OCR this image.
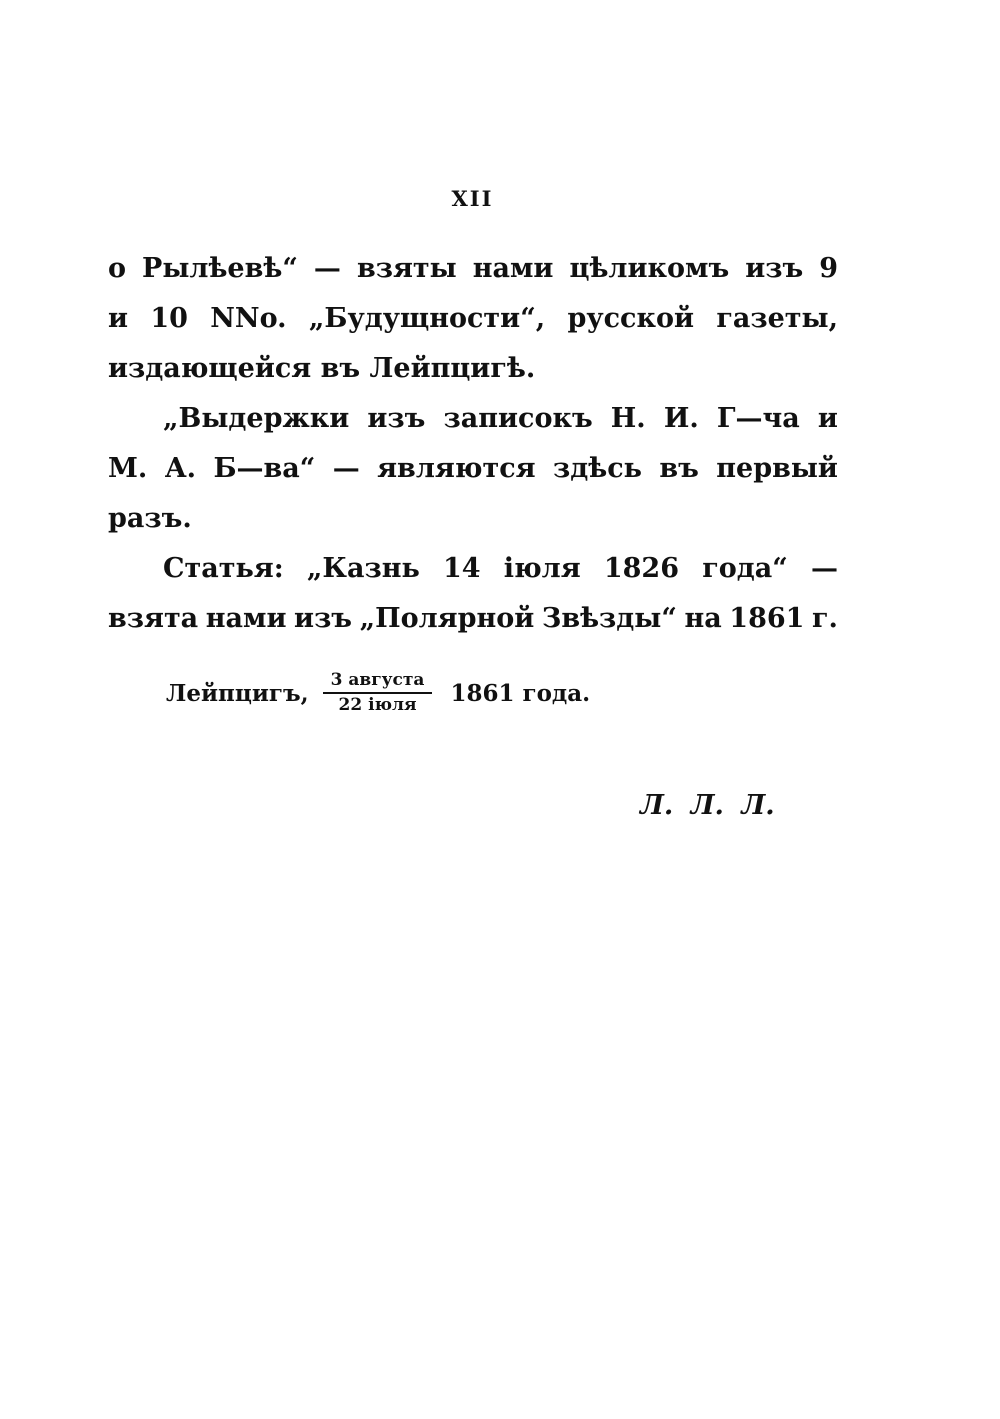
XII
о Рылѣевѣ“ — взяты нами цѣликомъ изъ 9
и 10 NNo. „Будущности“, русской газеты,
издающейся въ Лейпцигѣ.
„Выдержки изъ записокъ Н. И. Г—ча и
М. А. Б—ва“ — являются здѣсь въ первый
разъ.
Статья: „Казнь 14 іюля 1826 года“ —
взята нами изъ „Полярной Звѣзды“ на 1861 г.
Лейпцигъ, $\frac{\text{3 августа}}{\text{22 іюля}} 1861$ года.
Л. Л. Л.
